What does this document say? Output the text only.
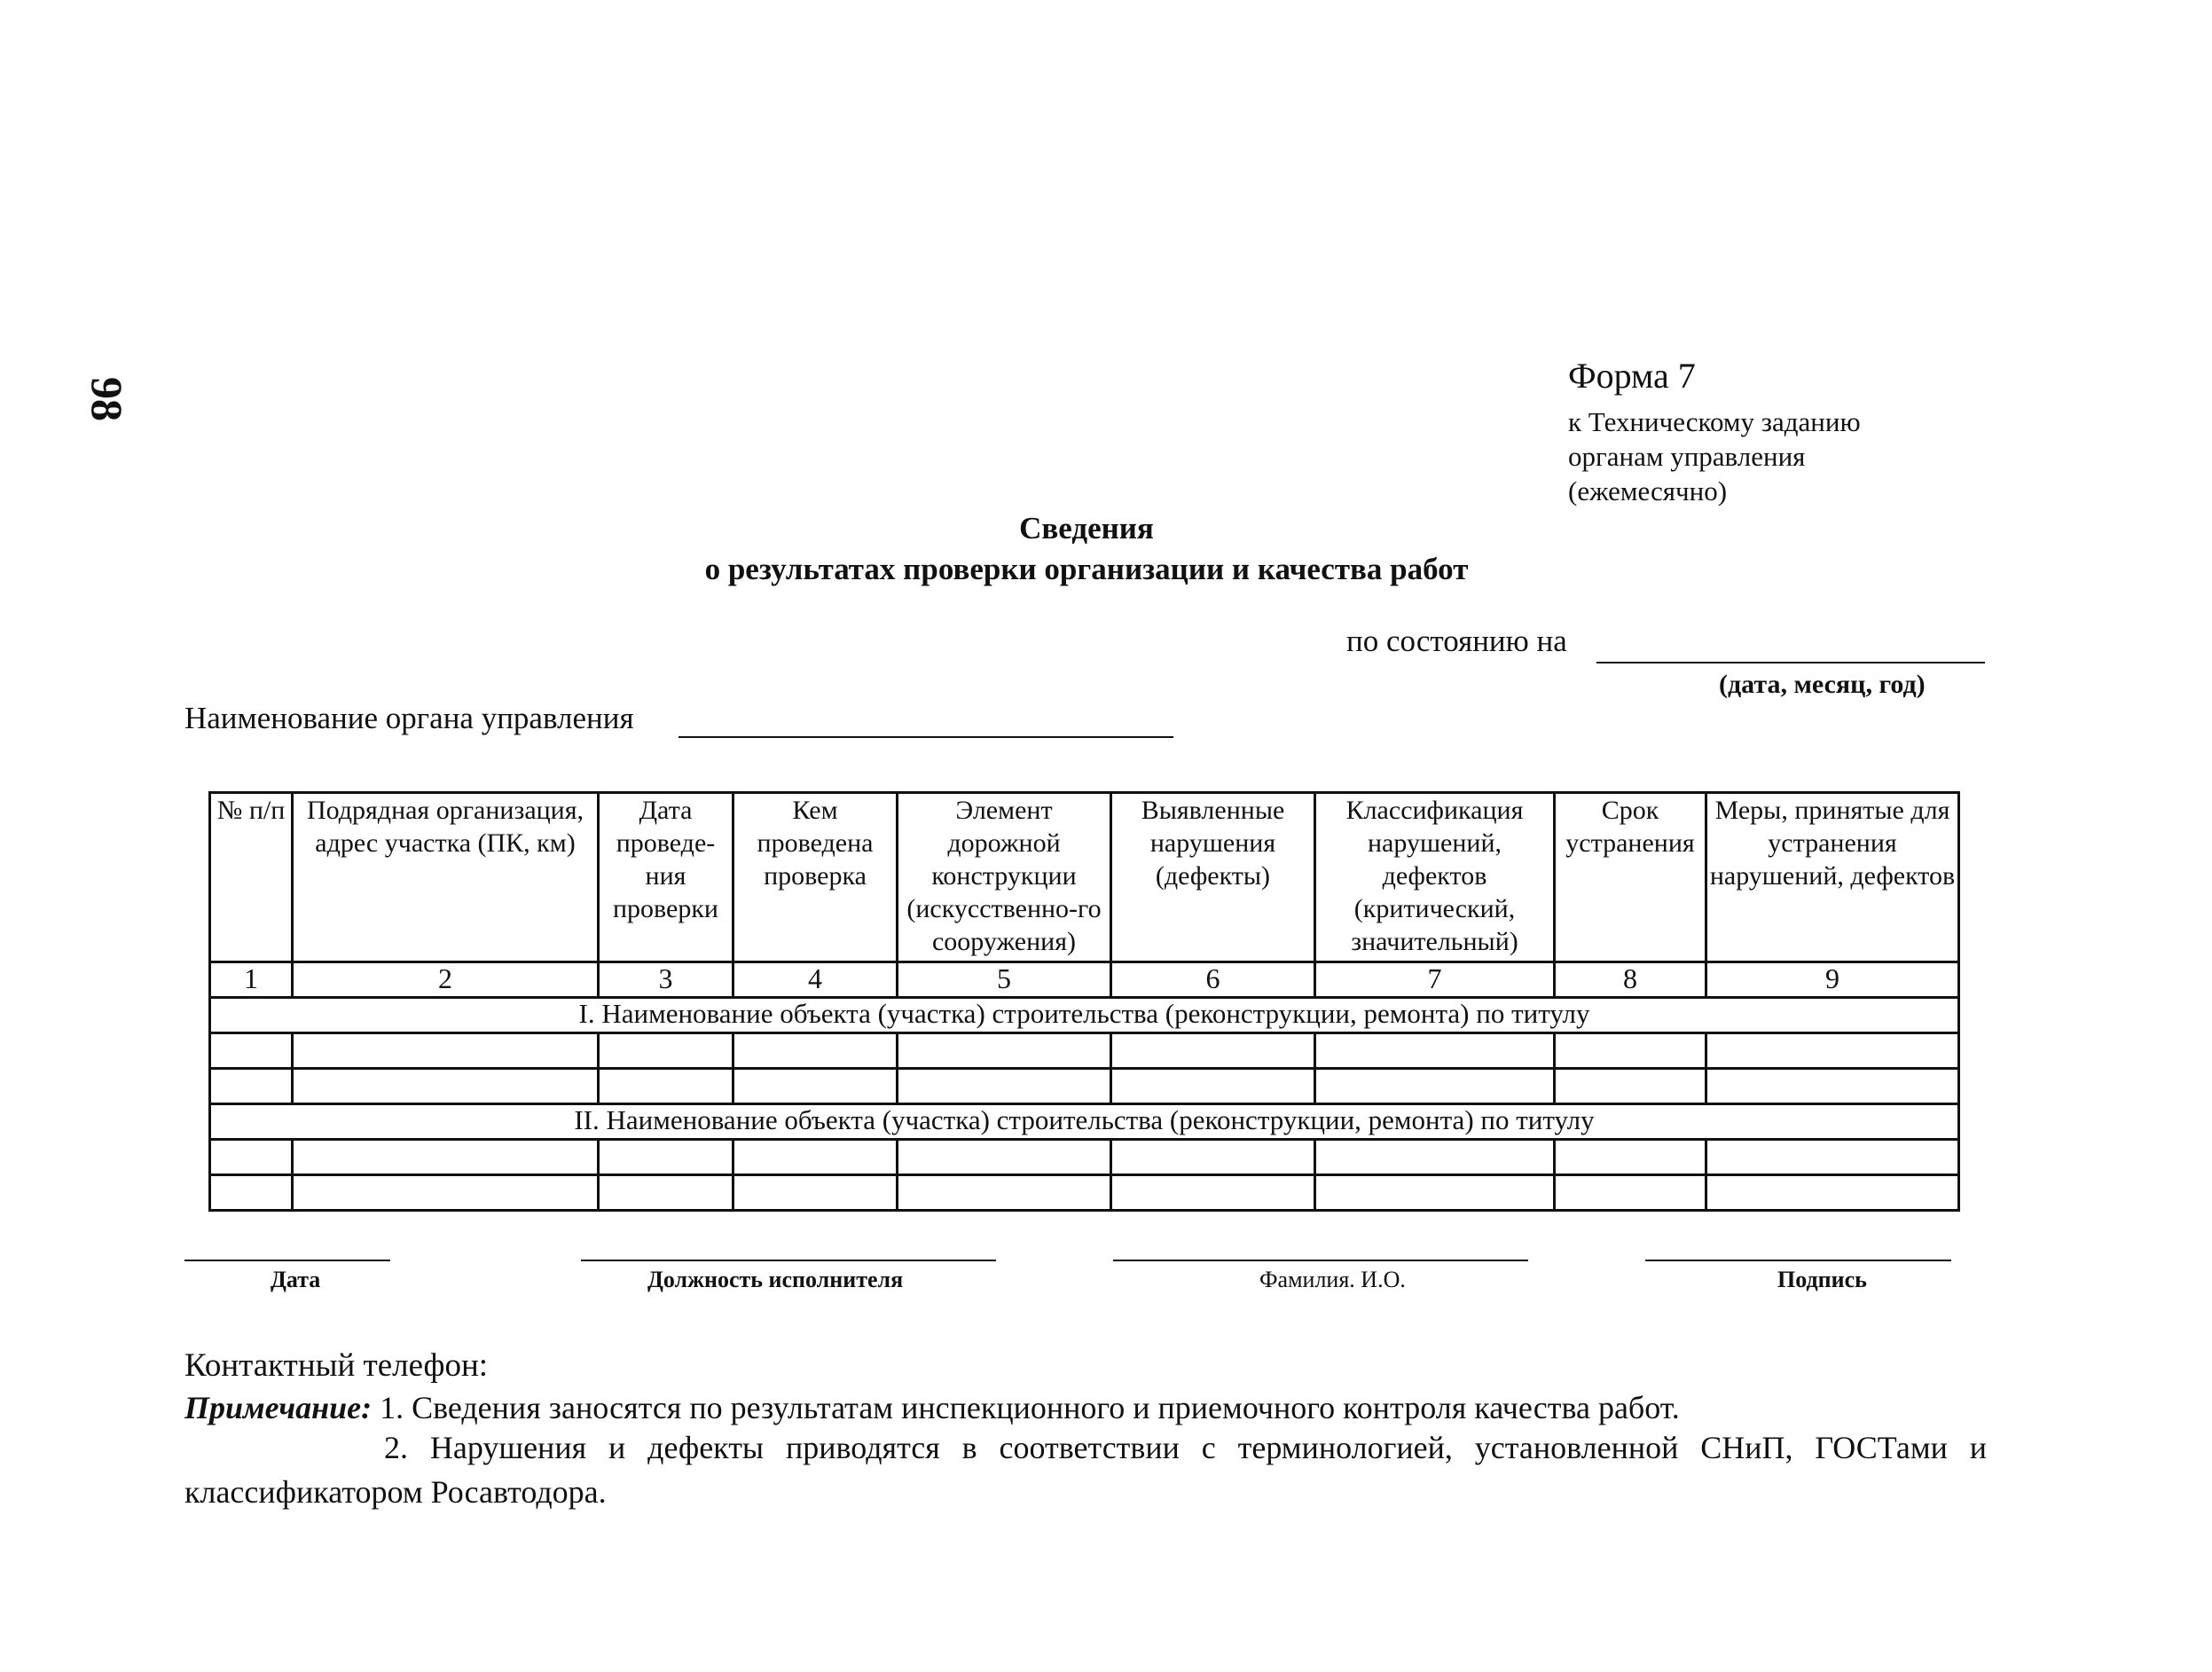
98
Форма 7
к Техническому заданию
органам управления
(ежемесячно)
Сведения
о результатах проверки организации и качества работ
по состоянию на
(дата, месяц, год)
Наименование органа управления
№ п/п	Подрядная организация, адрес участка (ПК, км)	Дата проведе-ния проверки	Кем проведена проверка	Элемент дорожной конструкции (искусственно-го сооружения)	Выявленные нарушения (дефекты)	Классификация нарушений, дефектов (критический, значительный)	Срок устранения	Меры, принятые для устранения нарушений, дефектов
1	2	3	4	5	6	7	8	9
I. Наименование объекта (участка) строительства (реконструкции, ремонта) по титулу								

II. Наименование объекта (участка) строительства (реконструкции, ремонта) по титулу								

Дата	Должность исполнителя	Фамилия. И.О.	Подпись
Контактный телефон:
Примечание: 1. Сведения заносятся по результатам инспекционного и приемочного контроля качества работ.
2. Нарушения и дефекты приводятся в соответствии с терминологией, установленной СНиП, ГОСТами и классификатором Росавтодора.
